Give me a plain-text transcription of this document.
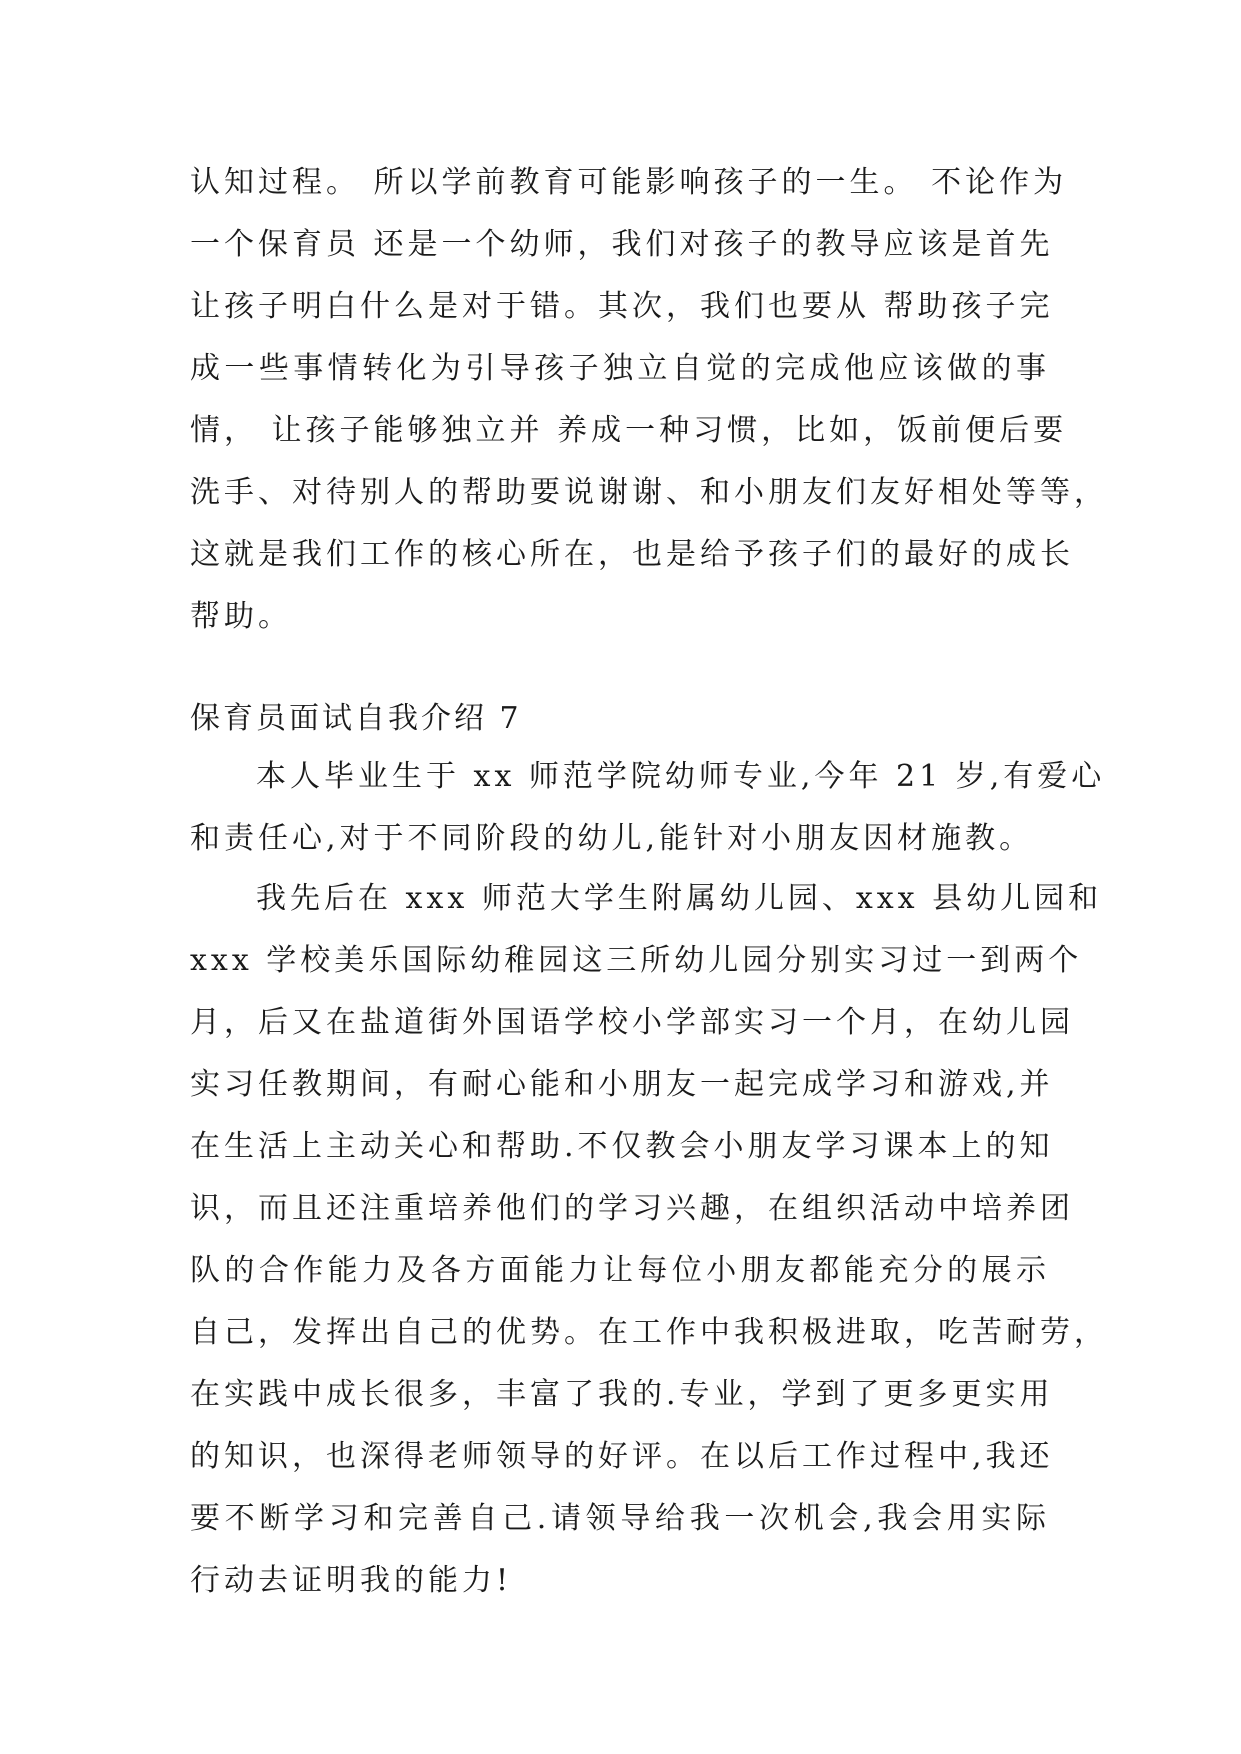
认知过程。 所以学前教育可能影响孩子的一生。 不论作为
一个保育员 还是一个幼师，我们对孩子的教导应该是首先
让孩子明白什么是对于错。其次，我们也要从 帮助孩子完
成一些事情转化为引导孩子独立自觉的完成他应该做的事
情， 让孩子能够独立并 养成一种习惯，比如，饭前便后要
洗手、对待别人的帮助要说谢谢、和小朋友们友好相处等等，
这就是我们工作的核心所在，也是给予孩子们的最好的成长
帮助。
保育员面试自我介绍 7
本人毕业生于 xx 师范学院幼师专业,今年 21 岁,有爱心
和责任心,对于不同阶段的幼儿,能针对小朋友因材施教。
我先后在 xxx 师范大学生附属幼儿园、xxx 县幼儿园和
xxx 学校美乐国际幼稚园这三所幼儿园分别实习过一到两个
月，后又在盐道街外国语学校小学部实习一个月，在幼儿园
实习任教期间，有耐心能和小朋友一起完成学习和游戏,并
在生活上主动关心和帮助.不仅教会小朋友学习课本上的知
识，而且还注重培养他们的学习兴趣，在组织活动中培养团
队的合作能力及各方面能力让每位小朋友都能充分的展示
自己，发挥出自己的优势。在工作中我积极进取，吃苦耐劳，
在实践中成长很多，丰富了我的.专业，学到了更多更实用
的知识，也深得老师领导的好评。在以后工作过程中,我还
要不断学习和完善自己.请领导给我一次机会,我会用实际
行动去证明我的能力!
